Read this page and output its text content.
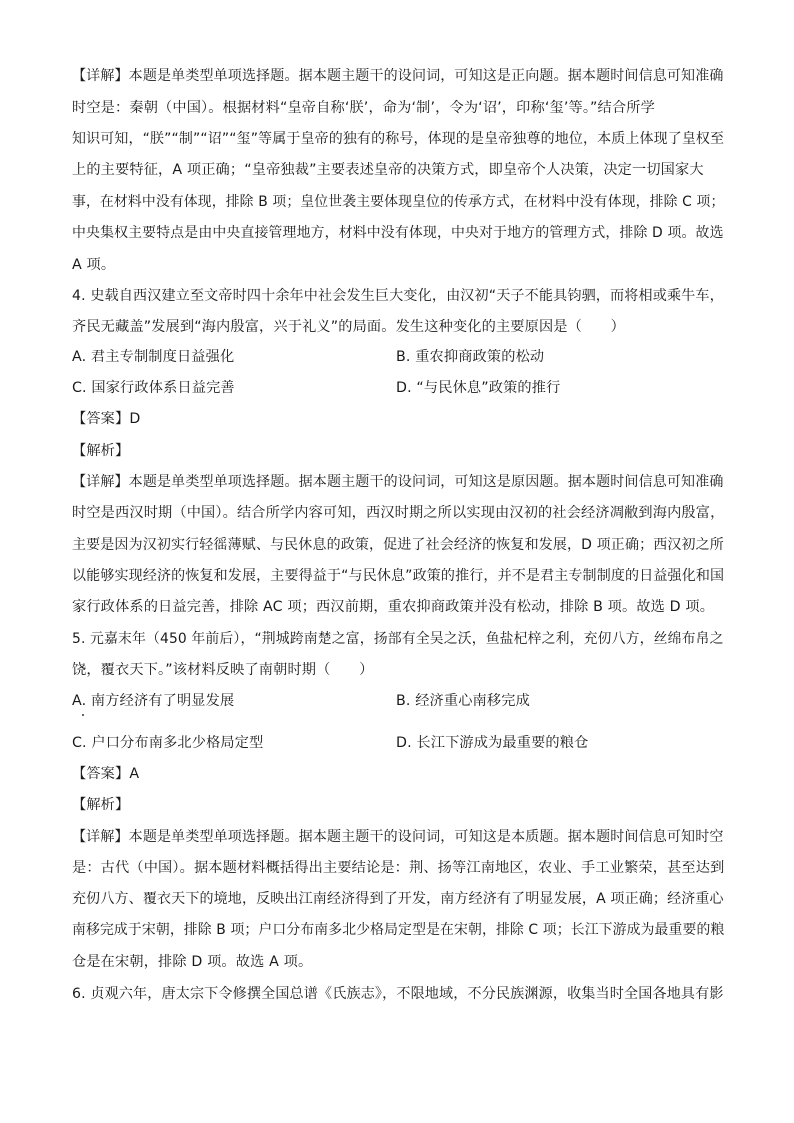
【详解】本题是单类型单项选择题。据本题主题干的设问词，可知这是正向题。据本题时间信息可知准确
时空是：秦朝（中国）。根据材料“皇帝自称‘朕’，命为‘制’，令为‘诏’，印称‘玺’等。”结合所学
知识可知，“朕”“制”“诏”“玺”等属于皇帝的独有的称号，体现的是皇帝独尊的地位，本质上体现了皇权至
上的主要特征，A 项正确；“皇帝独裁”主要表述皇帝的决策方式，即皇帝个人决策，决定一切国家大
事，在材料中没有体现，排除 B 项；皇位世袭主要体现皇位的传承方式，在材料中没有体现，排除 C 项；
中央集权主要特点是由中央直接管理地方，材料中没有体现，中央对于地方的管理方式，排除 D 项。故选
A 项。
4. 史载自西汉建立至文帝时四十余年中社会发生巨大变化，由汉初“天子不能具钧驷，而将相或乘牛车，
齐民无藏盖”发展到“海内殷富，兴于礼义”的局面。发生这种变化的主要原因是（　　）
A. 君主专制制度日益强化	B. 重农抑商政策的松动
C. 国家行政体系日益完善	D. “与民休息”政策的推行
【答案】D
【解析】
【详解】本题是单类型单项选择题。据本题主题干的设问词，可知这是原因题。据本题时间信息可知准确
时空是西汉时期（中国）。结合所学内容可知，西汉时期之所以实现由汉初的社会经济凋敝到海内殷富，
主要是因为汉初实行轻徭薄赋、与民休息的政策，促进了社会经济的恢复和发展，D 项正确；西汉初之所
以能够实现经济的恢复和发展，主要得益于“与民休息”政策的推行，并不是君主专制制度的日益强化和国
家行政体系的日益完善，排除 AC 项；西汉前期，重农抑商政策并没有松动，排除 B 项。故选 D 项。
5. 元嘉末年（450 年前后），“荆城跨南楚之富，扬部有全吴之沃，鱼盐杞梓之利，充仞八方，丝绵布帛之
饶，覆衣天下。”该材料反映了南朝时期（　　）
A. 南方经济有了明显发展	B. 经济重心南移完成
C. 户口分布南多北少格局定型	D. 长江下游成为最重要的粮仓
【答案】A
【解析】
【详解】本题是单类型单项选择题。据本题主题干的设问词，可知这是本质题。据本题时间信息可知时空
是：古代（中国）。据本题材料概括得出主要结论是：荆、扬等江南地区，农业、手工业繁荣，甚至达到
充仞八方、覆衣天下的境地，反映出江南经济得到了开发，南方经济有了明显发展，A 项正确；经济重心
南移完成于宋朝，排除 B 项；户口分布南多北少格局定型是在宋朝，排除 C 项；长江下游成为最重要的粮
仓是在宋朝，排除 D 项。故选 A 项。
6. 贞观六年，唐太宗下令修撰全国总谱《氏族志》，不限地域，不分民族渊源，收集当时全国各地具有影
